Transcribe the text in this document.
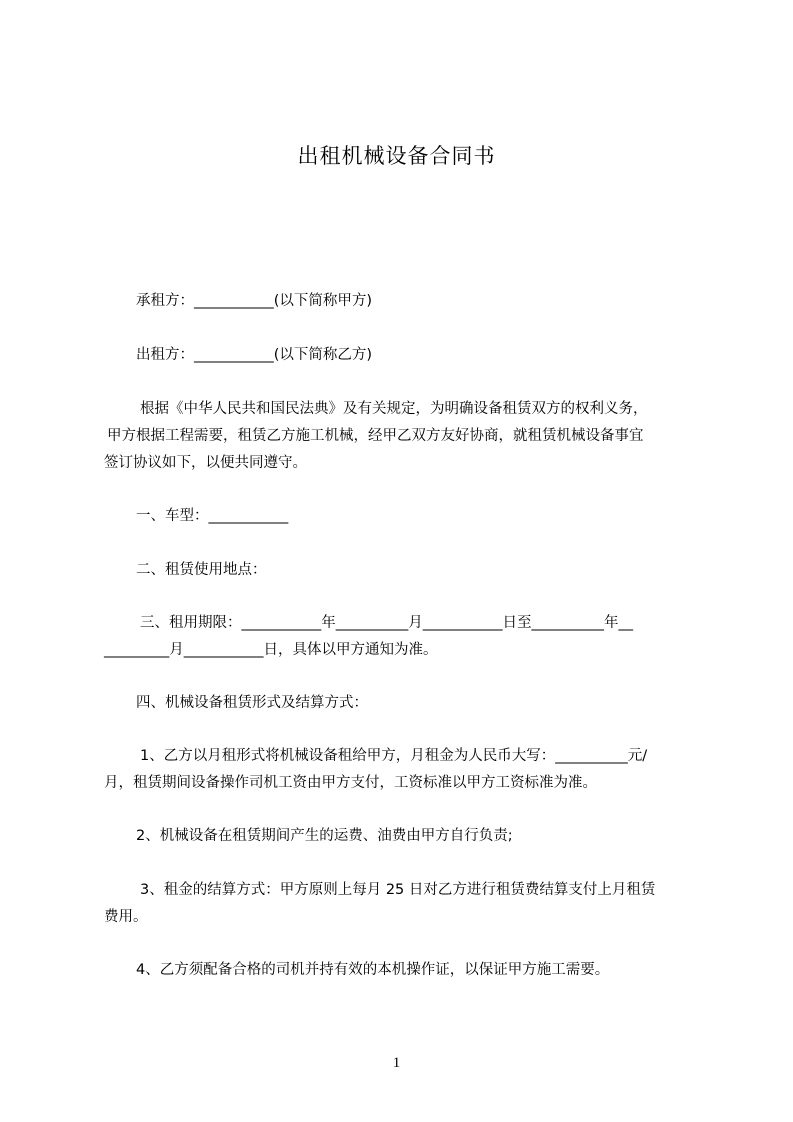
出租机械设备合同书
承租方：___________(以下简称甲方)
出租方：___________(以下简称乙方)
根据《中华人民共和国民法典》及有关规定，为明确设备租赁双方的权利义务，
甲方根据工程需要，租赁乙方施工机械，经甲乙双方友好协商，就租赁机械设备事宜
签订协议如下，以便共同遵守。
一、车型：___________
二、租赁使用地点：
三、租用期限：___________年__________月___________日至__________年__
_________月___________日，具体以甲方通知为准。
四、机械设备租赁形式及结算方式：
1、乙方以月租形式将机械设备租给甲方，月租金为人民币大写：__________元/
月，租赁期间设备操作司机工资由甲方支付，工资标准以甲方工资标准为准。
2、机械设备在租赁期间产生的运费、油费由甲方自行负责;
3、租金的结算方式：甲方原则上每月 25 日对乙方进行租赁费结算支付上月租赁
费用。
4、乙方须配备合格的司机并持有效的本机操作证，以保证甲方施工需要。
1
